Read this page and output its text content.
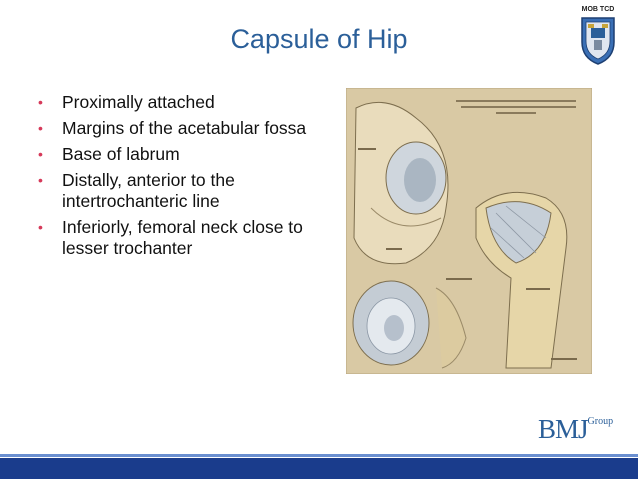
MOB TCD
Capsule of Hip
• Proximally attached
• Margins of the acetabular fossa
• Base of labrum
• Distally, anterior to the intertrochanteric line
• Inferiorly, femoral neck close to lesser trochanter
$BMJ^{Group}$
